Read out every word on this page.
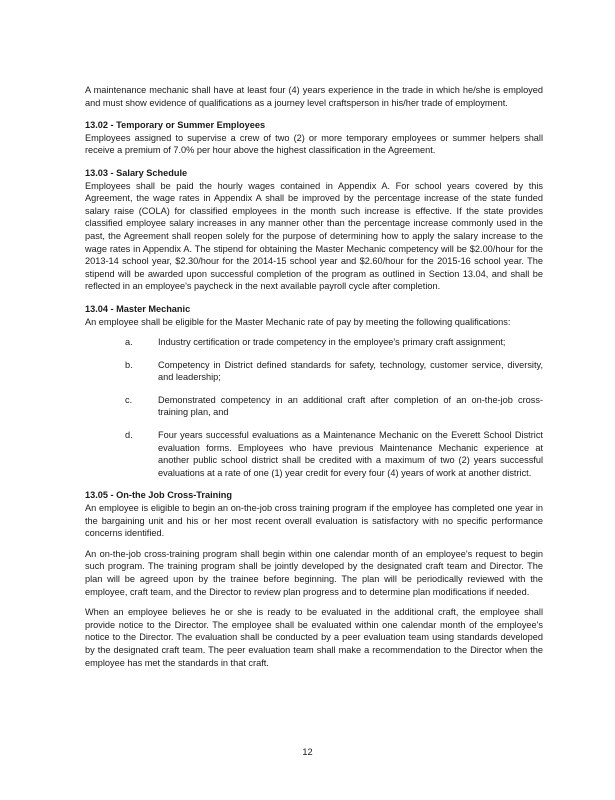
A maintenance mechanic shall have at least four (4) years experience in the trade in which he/she is employed and must show evidence of qualifications as a journey level craftsperson in his/her trade of employment.

13.02 - Temporary or Summer Employees

Employees assigned to supervise a crew of two (2) or more temporary employees or summer helpers shall receive a premium of 7.0% per hour above the highest classification in the Agreement.

13.03 - Salary Schedule

Employees shall be paid the hourly wages contained in Appendix A. For school years covered by this Agreement, the wage rates in Appendix A shall be improved by the percentage increase of the state funded salary raise (COLA) for classified employees in the month such increase is effective. If the state provides classified employee salary increases in any manner other than the percentage increase commonly used in the past, the Agreement shall reopen solely for the purpose of determining how to apply the salary increase to the wage rates in Appendix A. The stipend for obtaining the Master Mechanic competency will be $2.00/hour for the 2013-14 school year, $2.30/hour for the 2014-15 school year and $2.60/hour for the 2015-16 school year. The stipend will be awarded upon successful completion of the program as outlined in Section 13.04, and shall be reflected in an employee's paycheck in the next available payroll cycle after completion.

13.04 - Master Mechanic

An employee shall be eligible for the Master Mechanic rate of pay by meeting the following qualifications:

a.	Industry certification or trade competency in the employee's primary craft assignment;
b.	Competency in District defined standards for safety, technology, customer service, diversity, and leadership;
c.	Demonstrated competency in an additional craft after completion of an on-the-job cross-training plan, and
d.	Four years successful evaluations as a Maintenance Mechanic on the Everett School District evaluation forms. Employees who have previous Maintenance Mechanic experience at another public school district shall be credited with a maximum of two (2) years successful evaluations at a rate of one (1) year credit for every four (4) years of work at another district.
13.05 - On-the Job Cross-Training

An employee is eligible to begin an on-the-job cross training program if the employee has completed one year in the bargaining unit and his or her most recent overall evaluation is satisfactory with no specific performance concerns identified.

An on-the-job cross-training program shall begin within one calendar month of an employee's request to begin such program. The training program shall be jointly developed by the designated craft team and Director. The plan will be agreed upon by the trainee before beginning. The plan will be periodically reviewed with the employee, craft team, and the Director to review plan progress and to determine plan modifications if needed.

When an employee believes he or she is ready to be evaluated in the additional craft, the employee shall provide notice to the Director. The employee shall be evaluated within one calendar month of the employee's notice to the Director. The evaluation shall be conducted by a peer evaluation team using standards developed by the designated craft team. The peer evaluation team shall make a recommendation to the Director when the employee has met the standards in that craft.

12
